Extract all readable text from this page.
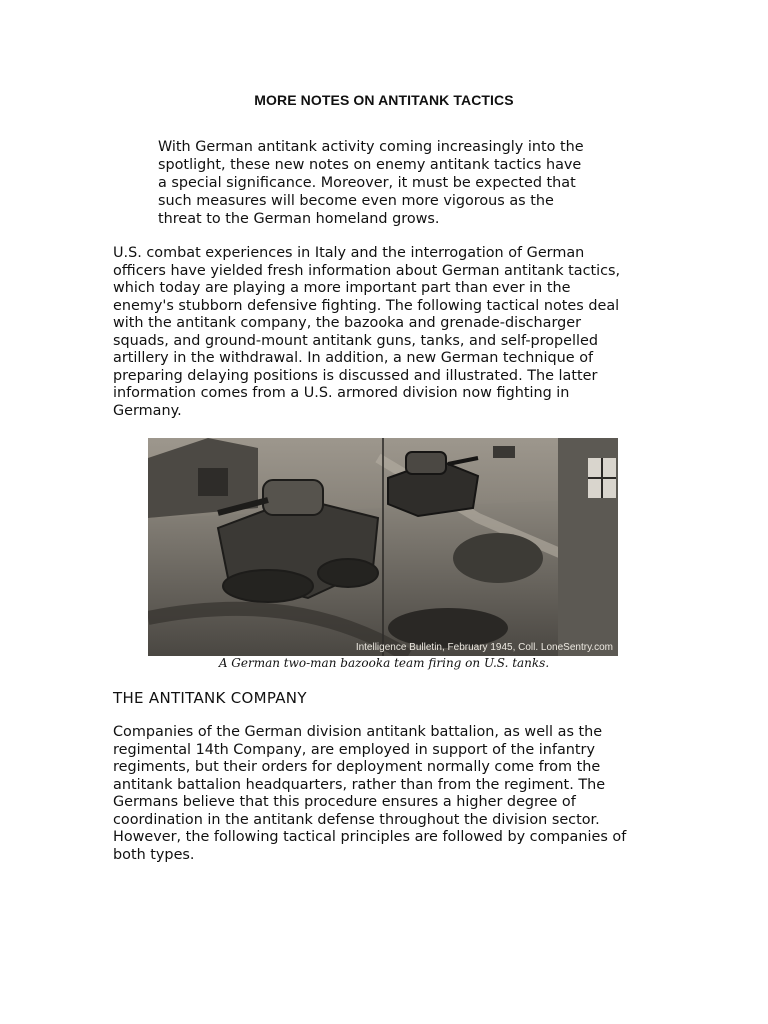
MORE NOTES ON ANTITANK TACTICS
With German antitank activity coming increasingly into the
spotlight, these new notes on enemy antitank tactics have
a special significance. Moreover, it must be expected that
such measures will become even more vigorous as the
threat to the German homeland grows.
U.S. combat experiences in Italy and the interrogation of German
officers have yielded fresh information about German antitank tactics,
which today are playing a more important part than ever in the
enemy's stubborn defensive fighting. The following tactical notes deal
with the antitank company, the bazooka and grenade-discharger
squads, and ground-mount antitank guns, tanks, and self-propelled
artillery in the withdrawal. In addition, a new German technique of
preparing delaying positions is discussed and illustrated. The latter
information comes from a U.S. armored division now fighting in
Germany.
Intelligence Bulletin, February 1945, Coll. LoneSentry.com
A German two-man bazooka team firing on U.S. tanks.
THE ANTITANK COMPANY
Companies of the German division antitank battalion, as well as the
regimental 14th Company, are employed in support of the infantry
regiments, but their orders for deployment normally come from the
antitank battalion headquarters, rather than from the regiment. The
Germans believe that this procedure ensures a higher degree of
coordination in the antitank defense throughout the division sector.
However, the following tactical principles are followed by companies of
both types.
